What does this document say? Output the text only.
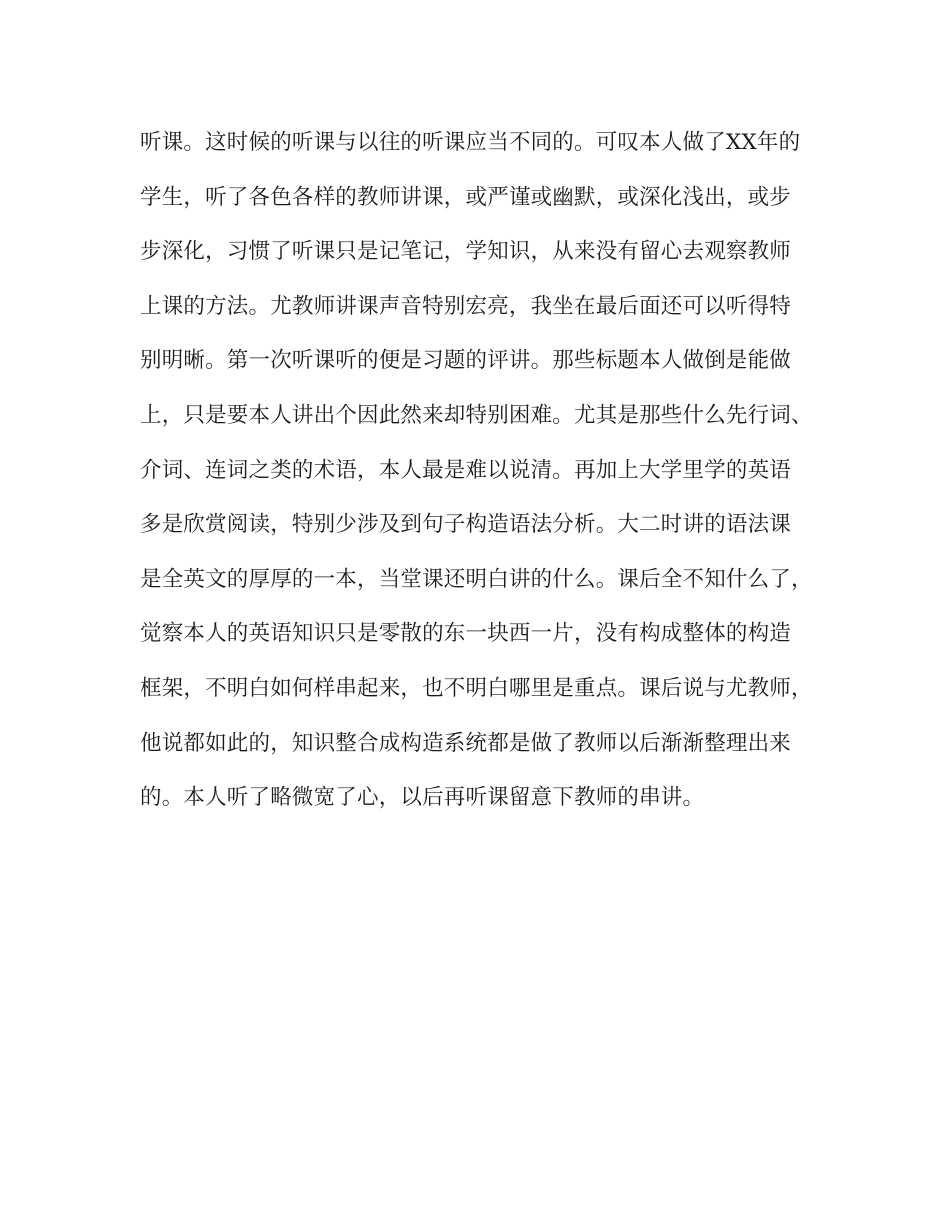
听课。这时候的听课与以往的听课应当不同的。可叹本人做了XX年的
学生，听了各色各样的教师讲课，或严谨或幽默，或深化浅出，或步
步深化，习惯了听课只是记笔记，学知识，从来没有留心去观察教师
上课的方法。尤教师讲课声音特别宏亮，我坐在最后面还可以听得特
别明晰。第一次听课听的便是习题的评讲。那些标题本人做倒是能做
上，只是要本人讲出个因此然来却特别困难。尤其是那些什么先行词、
介词、连词之类的术语，本人最是难以说清。再加上大学里学的英语
多是欣赏阅读，特别少涉及到句子构造语法分析。大二时讲的语法课
是全英文的厚厚的一本，当堂课还明白讲的什么。课后全不知什么了，
觉察本人的英语知识只是零散的东一块西一片，没有构成整体的构造
框架，不明白如何样串起来，也不明白哪里是重点。课后说与尤教师，
他说都如此的，知识整合成构造系统都是做了教师以后渐渐整理出来
的。本人听了略微宽了心，以后再听课留意下教师的串讲。
